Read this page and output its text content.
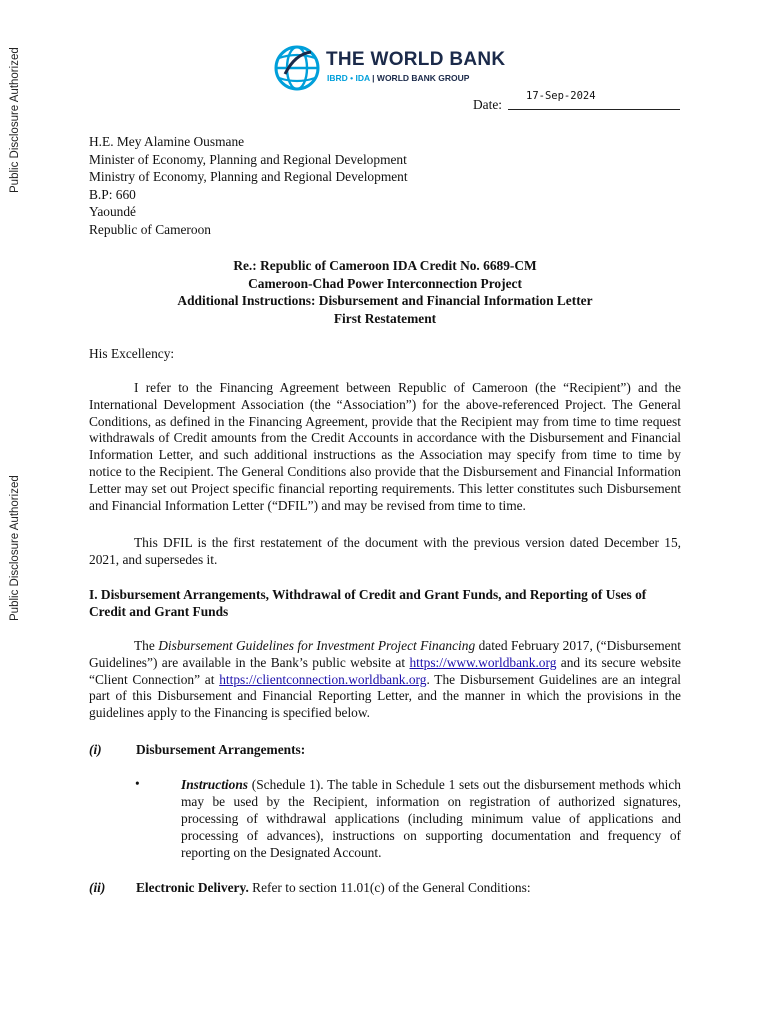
Public Disclosure Authorized
Public Disclosure Authorized
THE WORLD BANK
IBRD • IDA | WORLD BANK GROUP
Date:
17-Sep-2024
H.E. Mey Alamine Ousmane
Minister of Economy, Planning and Regional Development
Ministry of Economy, Planning and Regional Development
B.P: 660
Yaoundé
Republic of Cameroon
Re.: Republic of Cameroon IDA Credit No. 6689-CM
Cameroon-Chad Power Interconnection Project
Additional Instructions: Disbursement and Financial Information Letter
First Restatement
His Excellency:
I refer to the Financing Agreement between Republic of Cameroon (the “Recipient”) and the International Development Association (the “Association”) for the above-referenced Project. The General Conditions, as defined in the Financing Agreement, provide that the Recipient may from time to time request withdrawals of Credit amounts from the Credit Accounts in accordance with the Disbursement and Financial Information Letter, and such additional instructions as the Association may specify from time to time by notice to the Recipient. The General Conditions also provide that the Disbursement and Financial Information Letter may set out Project specific financial reporting requirements. This letter constitutes such Disbursement and Financial Information Letter (“DFIL”) and may be revised from time to time.
This DFIL is the first restatement of the document with the previous version dated December 15, 2021, and supersedes it.
I. Disbursement Arrangements, Withdrawal of Credit and Grant Funds, and Reporting of Uses of Credit and Grant Funds
The Disbursement Guidelines for Investment Project Financing dated February 2017, (“Disbursement Guidelines”) are available in the Bank’s public website at https://www.worldbank.org and its secure website “Client Connection” at https://clientconnection.worldbank.org. The Disbursement Guidelines are an integral part of this Disbursement and Financial Reporting Letter, and the manner in which the provisions in the guidelines apply to the Financing is specified below.
(i)	Disbursement Arrangements:
•	Instructions (Schedule 1). The table in Schedule 1 sets out the disbursement methods which may be used by the Recipient, information on registration of authorized signatures, processing of withdrawal applications (including minimum value of applications and processing of advances), instructions on supporting documentation and frequency of reporting on the Designated Account.
(ii) Electronic Delivery. Refer to section 11.01(c) of the General Conditions:
